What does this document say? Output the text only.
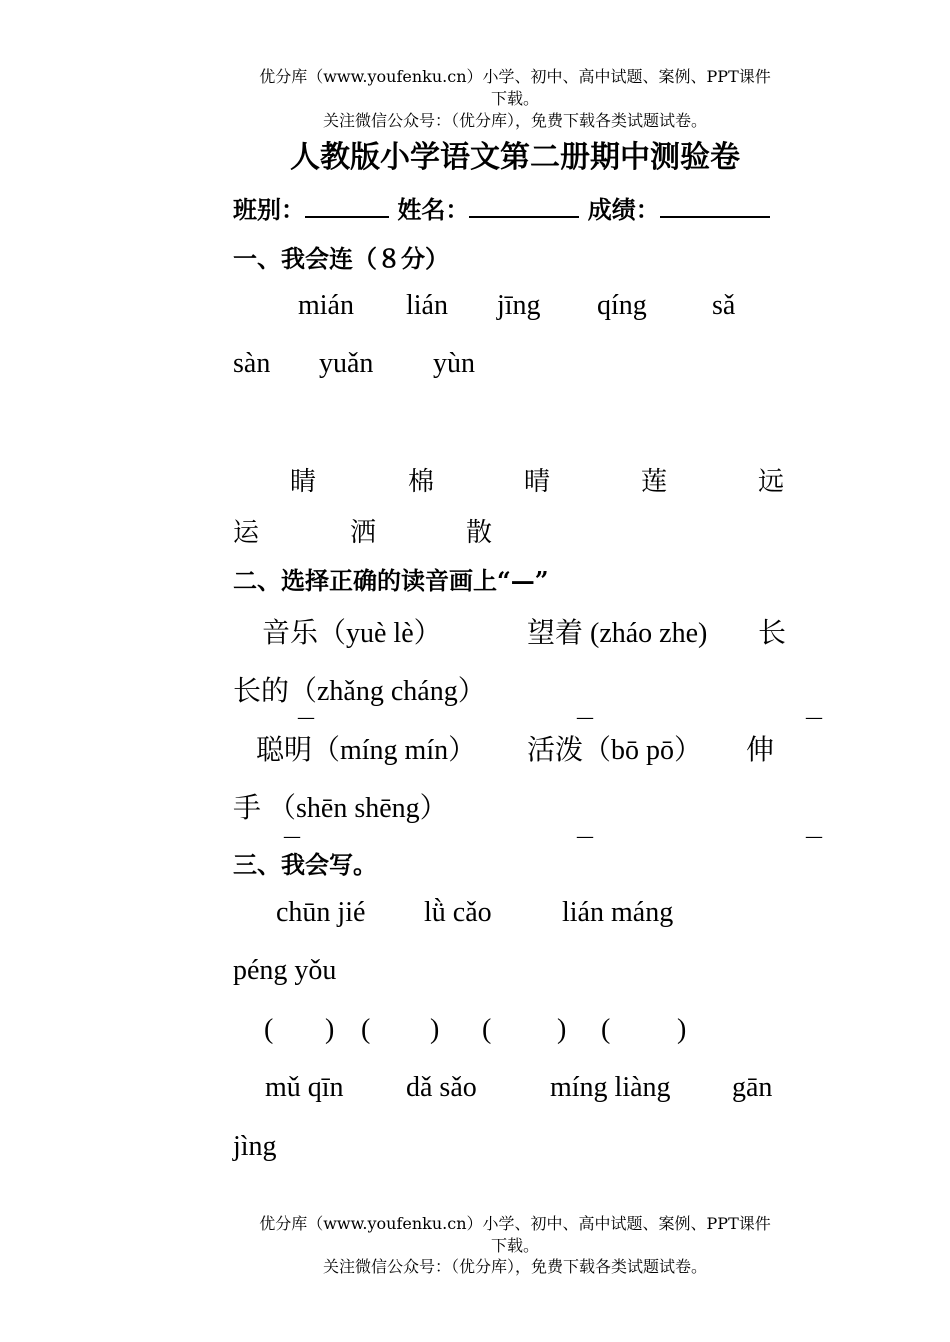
优分库（www.youfenku.cn）小学、初中、高中试题、案例、PPT课件
下载。
关注微信公众号：（优分库），免费下载各类试题试卷。
人教版小学语文第二册期中测验卷
班别：	姓名：	成绩：
一、我会连（８分）
mián lián jīng qíng sǎ
sàn yuǎn yùn
睛	棉	晴	莲	远
运	洒	散
二、选择正确的读音画上“—”
音乐（yuè lè）	望着 (zháo zhe) 长
长的（zhǎng cháng）
—	—	—
聪明（míng mín） 活泼（bō pō） 伸
手 （shēn shēng）
—	—	—
三、我会写。
chūn jié lǜ cǎo	lián máng
péng yǒu
( ) ( ) ( ) ( )
mǔ qīn dǎ sǎo	míng liàng gān
jìng
优分库（www.youfenku.cn）小学、初中、高中试题、案例、PPT课件
下载。
关注微信公众号：（优分库），免费下载各类试题试卷。
